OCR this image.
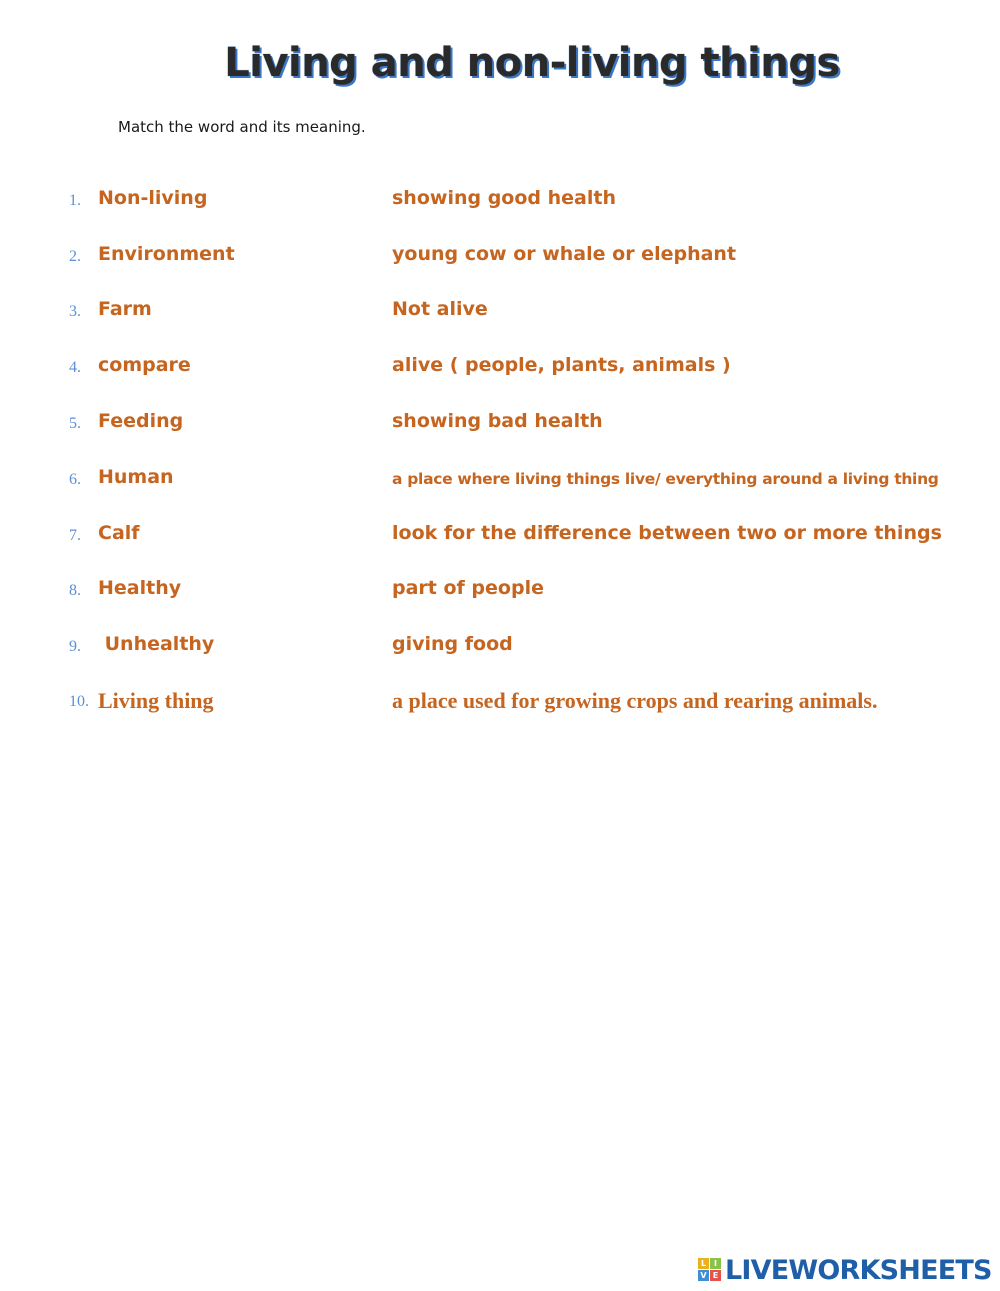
Living and non-living things
Match the word and its meaning.
1. Non-living	showing good health
2. Environment	young cow or whale or elephant
3. Farm	Not alive
4. compare	alive ( people, plants, animals )
5. Feeding	showing bad health
6. Human	a place where living things live/ everything around a living thing
7. Calf	look for the difference between two or more things
8. Healthy	part of people
9. Unhealthy	giving food
10. Living thing	a place used for growing crops and rearing animals.
L I
V E LIVEWORKSHEETS
